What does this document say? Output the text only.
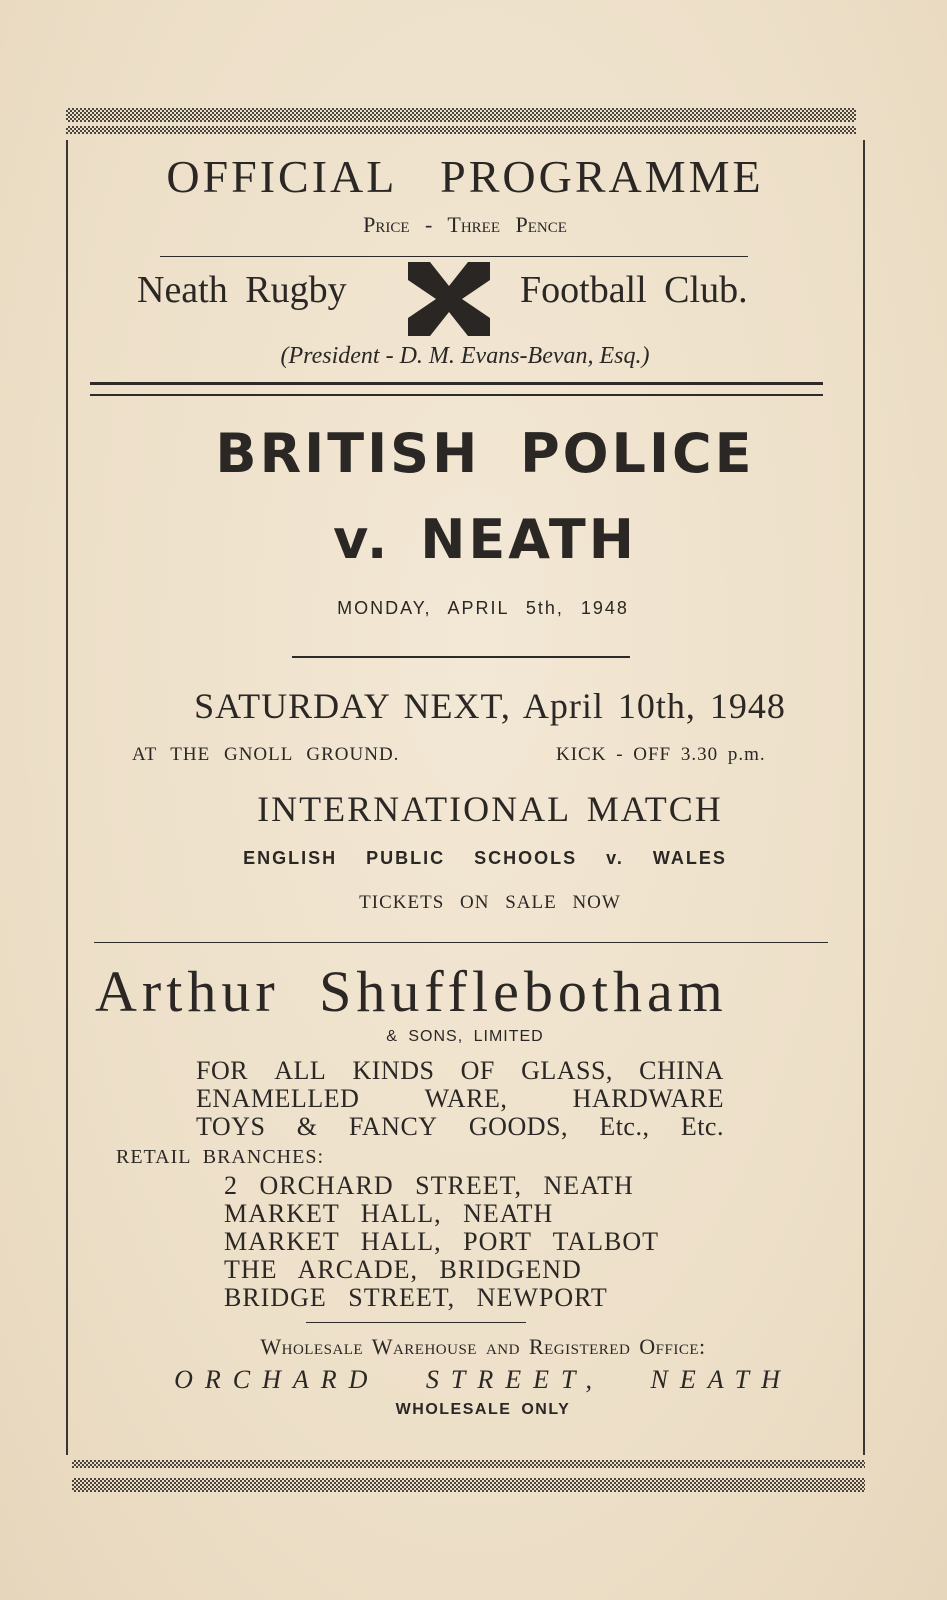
OFFICIAL PROGRAMME
Price - Three Pence
Neath Rugby	Football Club.
(President - D. M. Evans-Bevan, Esq.)
BRITISH POLICE
v. NEATH
MONDAY, APRIL 5th, 1948
SATURDAY NEXT, April 10th, 1948
AT THE GNOLL GROUND.	KICK - OFF 3.30 p.m.
INTERNATIONAL MATCH
ENGLISH PUBLIC SCHOOLS v. WALES
TICKETS ON SALE NOW
Arthur Shufflebotham
& SONS, LIMITED
FOR ALL KINDS OF GLASS, CHINA
ENAMELLED	WARE,	HARDWARE
TOYS & FANCY GOODS, Etc., Etc.
RETAIL BRANCHES:
2 ORCHARD STREET, NEATH
MARKET HALL, NEATH
MARKET HALL, PORT TALBOT
THE ARCADE, BRIDGEND
BRIDGE STREET, NEWPORT
Wholesale Warehouse and Registered Office:
ORCHARD STREET, NEATH
WHOLESALE ONLY
